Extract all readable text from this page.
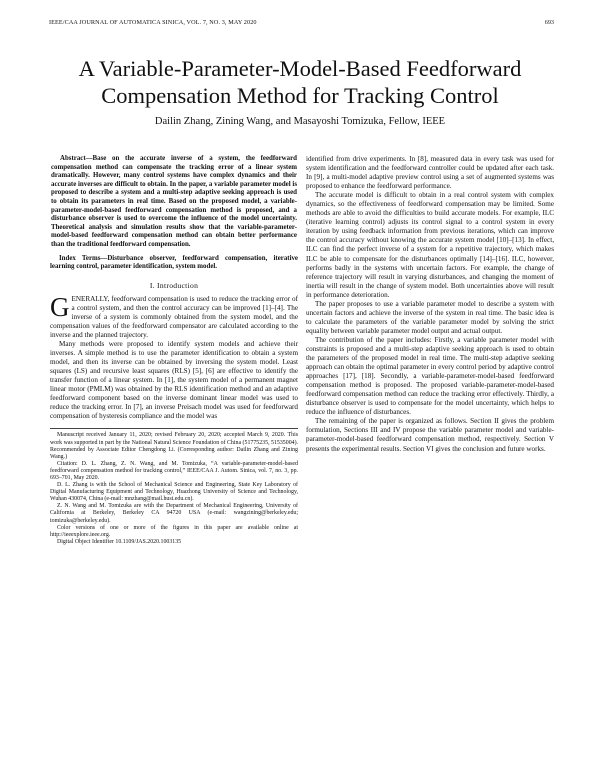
IEEE/CAA JOURNAL OF AUTOMATICA SINICA, VOL. 7, NO. 3, MAY 2020	693
A Variable-Parameter-Model-Based Feedforward Compensation Method for Tracking Control
Dailin Zhang, Zining Wang, and Masayoshi Tomizuka, Fellow, IEEE

Abstract—Base on the accurate inverse of a system, the feedforward compensation method can compensate the tracking error of a linear system dramatically. However, many control systems have complex dynamics and their accurate inverses are difficult to obtain. In the paper, a variable parameter model is proposed to describe a system and a multi-step adaptive seeking approach is used to obtain its parameters in real time. Based on the proposed model, a variable-parameter-model-based feedforward compensation method is proposed, and a disturbance observer is used to overcome the influence of the model uncertainty. Theoretical analysis and simulation results show that the variable-parameter-model-based feedforward compensation method can obtain better performance than the traditional feedforward compensation.

Index Terms—Disturbance observer, feedforward compensation, iterative learning control, parameter identification, system model.

I. Introduction

GENERALLY, feedforward compensation is used to reduce the tracking error of a control system, and then the control accuracy can be improved [1]–[4]. The inverse of a system is commonly obtained from the system model, and the compensation values of the feedforward compensator are calculated according to the inverse and the planned trajectory.

Many methods were proposed to identify system models and achieve their inverses. A simple method is to use the parameter identification to obtain a system model, and then its inverse can be obtained by inversing the system model. Least squares (LS) and recursive least squares (RLS) [5], [6] are effective to identify the transfer function of a linear system. In [1], the system model of a permanent magnet linear motor (PMLM) was obtained by the RLS identification method and an adaptive feedforward component based on the inverse dominant linear model was used to reduce the tracking error. In [7], an inverse Preisach model was used for feedforward compensation of hysteresis compliance and the model was

Manuscript received January 11, 2020; revised February 20, 2020; accepted March 9, 2020. This work was supported in part by the National Natural Science Foundation of China (51775235, 51535004). Recommended by Associate Editor Chengdong Li. (Corresponding author: Dailin Zhang and Zining Wang.)

Citation: D. L. Zhang, Z. N. Wang, and M. Tomizuka, “A variable-parameter-model-based feedforward compensation method for tracking control,” IEEE/CAA J. Autom. Sinica, vol. 7, no. 3, pp. 693–701, May 2020.

D. L. Zhang is with the School of Mechanical Science and Engineering, State Key Laboratory of Digital Manufacturing Equipment and Technology, Huazhong University of Science and Technology, Wuhan 430074, China (e-mail: mnzhang@mail.hust.edu.cn).

Z. N. Wang and M. Tomizuka are with the Department of Mechanical Engineering, University of California at Berkeley, Berkeley CA 94720 USA (e-mail: wangzining@berkeley.edu; tomizuka@berkeley.edu).

Color versions of one or more of the figures in this paper are available online at http://ieeexplore.ieee.org.

Digital Object Identifier 10.1109/JAS.2020.1003135

identified from drive experiments. In [8], measured data in every task was used for system identification and the feedforward controller could be updated after each task. In [9], a multi-model adaptive preview control using a set of augmented systems was proposed to enhance the feedforward performance.

The accurate model is difficult to obtain in a real control system with complex dynamics, so the effectiveness of feedforward compensation may be limited. Some methods are able to avoid the difficulties to build accurate models. For example, ILC (iterative learning control) adjusts its control signal to a control system in every iteration by using feedback information from previous iterations, which can improve the control accuracy without knowing the accurate system model [10]–[13]. In effect, ILC can find the perfect inverse of a system for a repetitive trajectory, which makes ILC be able to compensate for the disturbances optimally [14]–[16]. ILC, however, performs badly in the systems with uncertain factors. For example, the change of reference trajectory will result in varying disturbances, and changing the moment of inertia will result in the change of system model. Both uncertainties above will result in performance deterioration.

The paper proposes to use a variable parameter model to describe a system with uncertain factors and achieve the inverse of the system in real time. The basic idea is to calculate the parameters of the variable parameter model by solving the strict equality between variable parameter model output and actual output.

The contribution of the paper includes: Firstly, a variable parameter model with constraints is proposed and a multi-step adaptive seeking approach is used to obtain the parameters of the proposed model in real time. The multi-step adaptive seeking approach can obtain the optimal parameter in every control period by adaptive control approaches [17], [18]. Secondly, a variable-parameter-model-based feedforward compensation method is proposed. The proposed variable-parameter-model-based feedforward compensation method can reduce the tracking error effectively. Thirdly, a disturbance observer is used to compensate for the model uncertainty, which helps to reduce the influence of disturbances.

The remaining of the paper is organized as follows. Section II gives the problem formulation, Sections III and IV propose the variable parameter model and variable-parameter-model-based feedforward compensation method, respectively. Section V presents the experimental results. Section VI gives the conclusion and future works.
